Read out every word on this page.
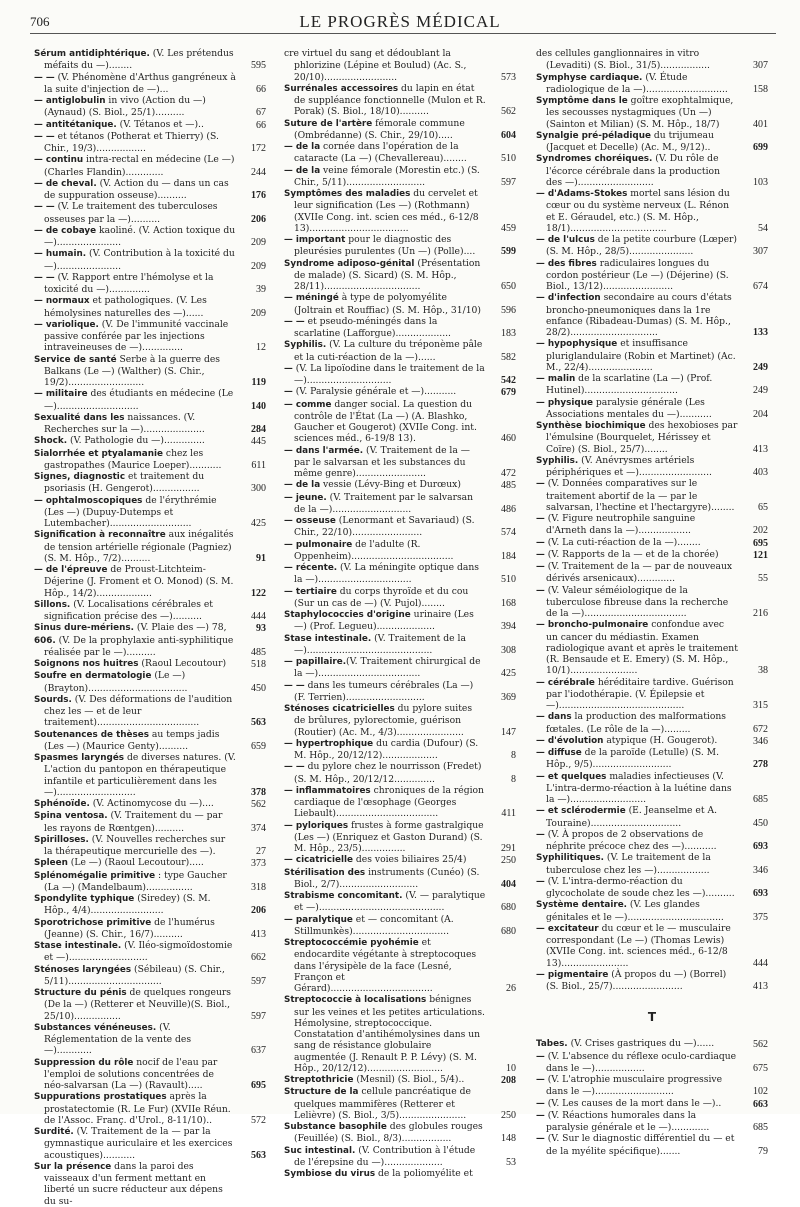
706	LE PROGRÈS MÉDICAL

Sérum antidiphtérique. (V. Les prétendus méfaits du —)........	595

— — (V. Phénomène d'Arthus gangréneux à la suite d'injection de —)...	66

— antiglobulin in vivo (Action du —) (Aynaud) (S. Biol., 25/1)..........	67

— antitétanique. (V. Tétanos et —)..	66

— — et tétanos (Potherat et Thierry) (S. Chir., 19/3).................	172

— continu intra-rectal en médecine (Le —) (Charles Flandin).............	244

— de cheval. (V. Action du — dans un cas de suppuration osseuse)..........	176

— — (V. Le traitement des tuberculoses osseuses par la —)..........	206

— de cobaye kaoliné. (V. Action toxique du —)......................	209

— humain. (V. Contribution à la toxicité du —)......................	209

— — (V. Rapport entre l'hémolyse et la toxicité du —)..............	39

— normaux et pathologiques. (V. Les hémolysines naturelles des —)......	209

— variolique. (V. De l'immunité vaccinale passive conférée par les injections intraveineuses de —)..............	12

Service de santé Serbe à la guerre des Balkans (Le —) (Walther) (S. Chir., 19/2)..........................	119

— militaire des étudiants en médecine (Le —)............................	140

Sexualité dans les naissances. (V. Recherches sur la —).....................	284

Shock. (V. Pathologie du —)..............	445

Sialorrhée et ptyalamanie chez les gastropathes (Maurice Loeper)...........	611

Signes, diagnostic et traitement du psoriasis (H. Gengerot)................	300

— ophtalmoscopiques de l'érythrémie (Les —) (Dupuy-Dutemps et Lutembacher)............................	425

Signification à reconnaître aux inégalités de tension artérielle régionale (Pagniez) (S. M. Hôp., 7/2)..........	91

— de l'épreuve de Proust-Litchteim-Déjerine (J. Froment et O. Monod) (S. M. Hôp., 14/2)...................	122

Sillons. (V. Localisations cérébrales et signification précise des —)..........	444

Sinus dure-mériens. (V. Plaie des —) 78,	93

606. (V. De la prophylaxie anti-syphilitique réalisée par le —)..........	485

Soignons nos huitres (Raoul Lecoutour) 518

Soufre en dermatologie (Le —) (Brayton)..................................	450

Sourds. (V. Des déformations de l'audition chez les — et de leur traitement)...................................	563

Soutenances de thèses au temps jadis (Les —) (Maurice Genty)..........	659

Spasmes laryngés de diverses natures. (V. L'action du pantopon en thérapeutique infantile et particulièrement dans les —)...........................	378

Sphénoïde. (V. Actinomycose du —)....	562

Spina ventosa. (V. Traitement du — par les rayons de Rœntgen)..........	374

Spirilloses. (V. Nouvelles recherches sur la thérapeutique mercurielle des —).	27

Spleen (Le —) (Raoul Lecoutour).....	373

Splénomégalie primitive : type Gaucher (La —) (Mandelbaum)................	318

Spondylite typhique (Siredey) (S. M. Hôp., 4/4).........................	206

Sporotrichose primitive de l'humérus (Jeanne) (S. Chir., 16/7)..........	413

Stase intestinale. (V. Iléo-sigmoïdostomie et —)...........................	662

Sténoses laryngées (Sébileau) (S. Chir., 5/11)................................	597

Structure du pénis de quelques rongeurs (De la —) (Retterer et Neuville)(S. Biol., 25/10)................	597

Substances vénéneuses. (V. Réglementation de la vente des —)............	637

Suppression du rôle nocif de l'eau par l'emploi de solutions concentrées de néo-salvarsan (La —) (Ravault).....	695

Suppurations prostatiques après la prostatectomie (R. Le Fur) (XVIIe Réun. de l'Assoc. Franç. d'Urol., 8-11/10)..	572

Surdité. (V. Traitement de la — par la gymnastique auriculaire et les exercices acoustiques)...........	563

Sur la présence dans la paroi des vaisseaux d'un ferment mettant en liberté un sucre réducteur aux dépens du su-

cre virtuel du sang et dédoublant la phlorizine (Lépine et Boulud) (Ac. S., 20/10).........................	573

Surrénales accessoires du lapin en état de suppléance fonctionnelle (Mulon et R. Porak) (S. Biol., 18/10)..........	562

Suture de l'artère fémorale commune (Ombrédanne) (S. Chir., 29/10).....	604

— de la cornée dans l'opération de la cataracte (La —) (Chevallereau)........	510

— de la veine fémorale (Morestin etc.) (S. Chir., 5/11)...........................	597

Symptômes des maladies du cervelet et leur signification (Les —) (Rothmann) (XVIIe Cong. int. scien ces méd., 6-12/8 13)..................................	459

— important pour le diagnostic des pleurésies purulentes (Un —) (Polle)....	599

Syndrome adiposo-génital (Présentation de malade) (S. Sicard) (S. M. Hôp., 28/11).................................	650

— méningé à type de polyomyélite (Joltrain et Rouffiac) (S. M. Hôp., 31/10) 596

— — et pseudo-méningés dans la scarlatine (Lafforgue)...................	183

Syphilis. (V. La culture du tréponème pâle et la cuti-réaction de la —)......	582

— (V. La lipoïodine dans le traitement de la —).............................	542

— (V. Paralysie générale et —)...........	679

— comme danger social. La question du contrôle de l'État (La —) (A. Blashko, Gaucher et Gougerot) (XVIIe Cong. int. sciences méd., 6-19/8 13).	460

— dans l'armée. (V. Traitement de la — par le salvarsan et les substances du même genre)........................	472

— de la vessie (Lévy-Bing et Durœux)	485

— jeune. (V. Traitement par le salvarsan de la —)...........................	486

— osseuse (Lenormant et Savariaud) (S. Chir., 22/10)........................	574

— pulmonaire de l'adulte (R. Oppenheim)...................................	184

— récente. (V. La méningite optique dans la —)................................	510

— tertiaire du corps thyroïde et du cou (Sur un cas de —) (V. Pujol)........	168

Staphylococcies d'origine urinaire (Les —) (Prof. Legueu)....................	394

Stase intestinale. (V. Traitement de la —)...........................................	308

— papillaire.(V. Traitement chirurgical de la —)...................................	425

— — dans les tumeurs cérébrales (La —) (F. Terrien)...........................	369

Sténoses cicatricielles du pylore suites de brûlures, pylorectomie, guérison (Routier) (Ac. M., 4/3).......................	147

— hypertrophique du cardia (Dufour) (S. M. Hôp., 20/12/12)...................	8

— — du pylore chez le nourrisson (Fredet) (S. M. Hôp., 20/12/12..............	8

— inflammatoires chroniques de la région cardiaque de l'œsophage (Georges Liebault)...................................	411

— pyloriques frustes à forme gastralgique (Les —) (Enriquez et Gaston Durand) (S. M. Hôp., 23/5)...............	291

— cicatricielle des voies biliaires 25/4)	250

Stérilisation des instruments (Cunéo) (S. Biol., 2/7)...........................	404

Strabisme concomitant. (V. — paralytique et —)...........................................	680

— paralytique et — concomitant (A. Stillmunkès).................................	680

Streptococcémie pyohémie et endocardite végétante à streptocoques dans l'érysipèle de la face (Lesné, Françon et Gérard)...................................	26

Streptococcie à localisations bénignes sur les veines et les petites articulations. Hémolysine, streptococcique. Constatation d'antihémolysines dans un sang de résistance globulaire augmentée (J. Renault P. P. Lévy) (S. M. Hôp., 20/12/12)..........................	10

Streptothricie (Mesnil) (S. Biol., 5/4)..	208

Structure de la cellule pancréatique de quelques mammifères (Retterer et Lelièvre) (S. Biol., 3/5).......................	250

Substance basophile des globules rouges (Feuillée) (S. Biol., 8/3).................	148

Suc intestinal. (V. Contribution à l'étude de l'érepsine du —)....................	53

Symbiose du virus de la poliomyélite et

des cellules ganglionnaires in vitro (Levaditi) (S. Biol., 31/5).................	307

Symphyse cardiaque. (V. Étude radiologique de la —)............................	158

Symptôme dans le goître exophtalmique, les secousses nystagmiques (Un —) (Sainton et Milian) (S. M. Hôp., 18/7)	401

Synalgie pré-péladique du trijumeau (Jacquet et Decelle) (Ac. M., 9/12)..	699

Syndromes choréiques. (V. Du rôle de l'écorce cérébrale dans la production des —)..........................	103

— d'Adams-Stokes mortel sans lésion du cœur ou du système nerveux (L. Rénon et E. Géraudel, etc.) (S. M. Hôp., 18/1).................................	54

— de l'ulcus de la petite courbure (Lœper) (S. M. Hôp., 28/5)......................	307

— des fibres radiculaires longues du cordon postérieur (Le —) (Déjerine) (S. Biol., 13/12)........................	674

— d'infection secondaire au cours d'états broncho-pneumoniques dans la 1re enfance (Ribadeau-Dumas) (S. M. Hôp., 28/2)..............................	133

— hypophysique et insuffisance pluriglandulaire (Robin et Martinet) (Ac. M., 22/4)......................	249

— malin de la scarlatine (La —) (Prof. Hutinel)................................	249

— physique paralysie générale (Les Associations mentales du —)...........	204

Synthèse biochimique des hexobioses par l'émulsine (Bourquelet, Hérissey et Coïre) (S. Biol., 25/7)........	413

Syphilis. (V. Anévrysmes artériels périphériques et —).........................	403

— (V. Données comparatives sur le traitement abortif de la — par le salvarsan, l'hectine et l'hectargyre)........ 65

— (V. Figure neutrophile sanguine d'Arneth dans la —)..................	202

— (V. La cuti-réaction de la —)........	695

— (V. Rapports de la — et de la chorée)	121

— (V. Traitement de la — par de nouveaux dérivés arsenicaux).............	55

— (V. Valeur séméiologique de la tuberculose fibreuse dans la recherche de la —)...................................	216

— broncho-pulmonaire confondue avec un cancer du médiastin. Examen radiologique avant et après le traitement (R. Bensaude et E. Emery) (S. M. Hôp., 10/1).......................	38

— cérébrale héréditaire tardive. Guérison par l'iodothérapie. (V. Épilepsie et —)...........................................	315

— dans la production des malformations fœtales. (Le rôle de la —).........	672

— d'évolution atypique (H. Gougerot).	346

— diffuse de la paroïde (Letulle) (S. M. Hôp., 9/5)...........................	278

— et quelques maladies infectieuses (V. L'intra-dermo-réaction à la luétine dans la —)..........................	685

— et sclérodermie (E. Jeanselme et A. Touraine)...............................	450

— (V. À propos de 2 observations de néphrite précoce chez des —)...........	693

Syphilitiques. (V. Le traitement de la tuberculose chez les —)..................	346

— (V. L'intra-dermo-réaction du glycocholate de soude chez les —).......... 693

Système dentaire. (V. Les glandes génitales et le —).................................	375

— excitateur du cœur et le — musculaire correspondant (Le —) (Thomas Lewis) (XVIIe Cong. int. sciences méd., 6-12/8 13).......................	444

— pigmentaire (À propos du —) (Borrel) (S. Biol., 25/7)........................	413

T

Tabes. (V. Crises gastriques du —)......	562

— (V. L'absence du réflexe oculo-cardiaque dans le —).................	675

— (V. L'atrophie musculaire progressive dans le —)...........................	102

— (V. Les causes de la mort dans le —)..	663

— (V. Réactions humorales dans la paralysie générale et le —).............	685

— (V. Sur le diagnostic différentiel du — et de la myélite spécifique).......	79
